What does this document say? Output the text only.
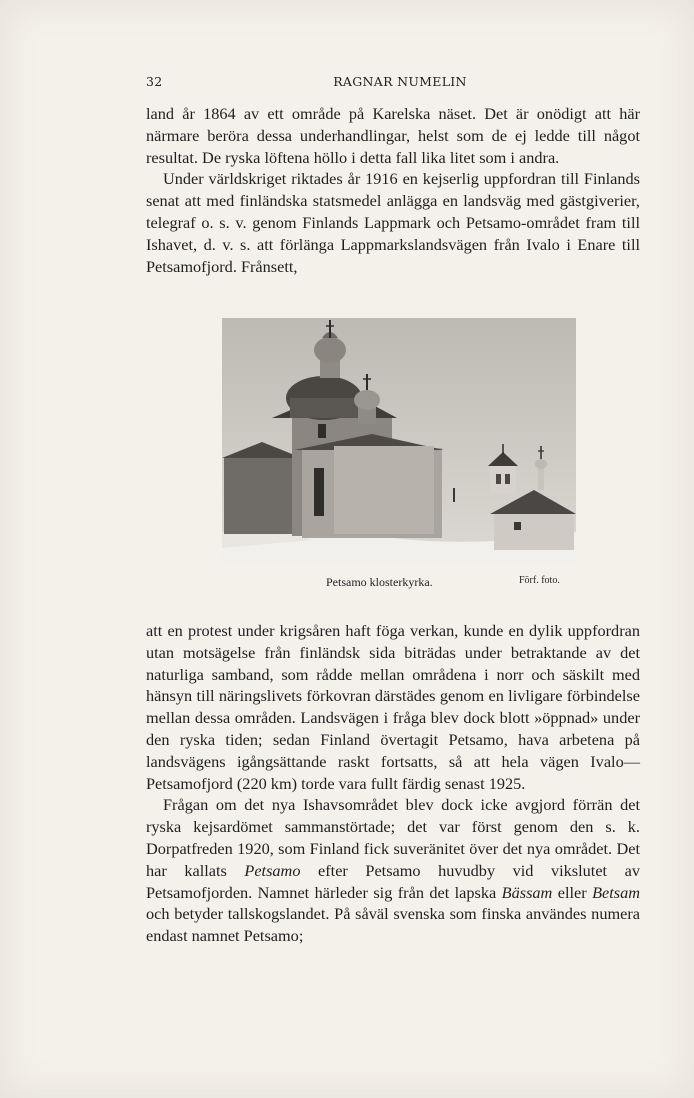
32	RAGNAR NUMELIN

land år 1864 av ett område på Karelska näset. Det är onödigt att här närmare beröra dessa underhandlingar, helst som de ej ledde till något resultat. De ryska löftena höllo i detta fall lika litet som i andra.

Under världskriget riktades år 1916 en kejserlig uppfordran till Finlands senat att med finländska statsmedel anlägga en landsväg med gästgiverier, telegraf o. s. v. genom Finlands Lappmark och Petsamo-området fram till Ishavet, d. v. s. att förlänga Lappmarkslandsvägen från Ivalo i Enare till Petsamofjord. Frånsett,

Petsamo klosterkyrka.	Förf. foto.

att en protest under krigsåren haft föga verkan, kunde en dylik uppfordran utan motsägelse från finländsk sida biträdas under betraktande av det naturliga samband, som rådde mellan områdena i norr och säskilt med hänsyn till näringslivets förkovran därstädes genom en livligare förbindelse mellan dessa områden. Landsvägen i fråga blev dock blott »öppnad» under den ryska tiden; sedan Finland övertagit Petsamo, hava arbetena på landsvägens igångsättande raskt fortsatts, så att hela vägen Ivalo—Petsamofjord (220 km) torde vara fullt färdig senast 1925.

Frågan om det nya Ishavsområdet blev dock icke avgjord förrän det ryska kejsardömet sammanstörtade; det var först genom den s. k. Dorpatfreden 1920, som Finland fick suveränitet över det nya området. Det har kallats Petsamo efter Petsamo huvudby vid vikslutet av Petsamofjorden. Namnet härleder sig från det lapska Bässam eller Betsam och betyder tallskogslandet. På såväl svenska som finska användes numera endast namnet Petsamo;
